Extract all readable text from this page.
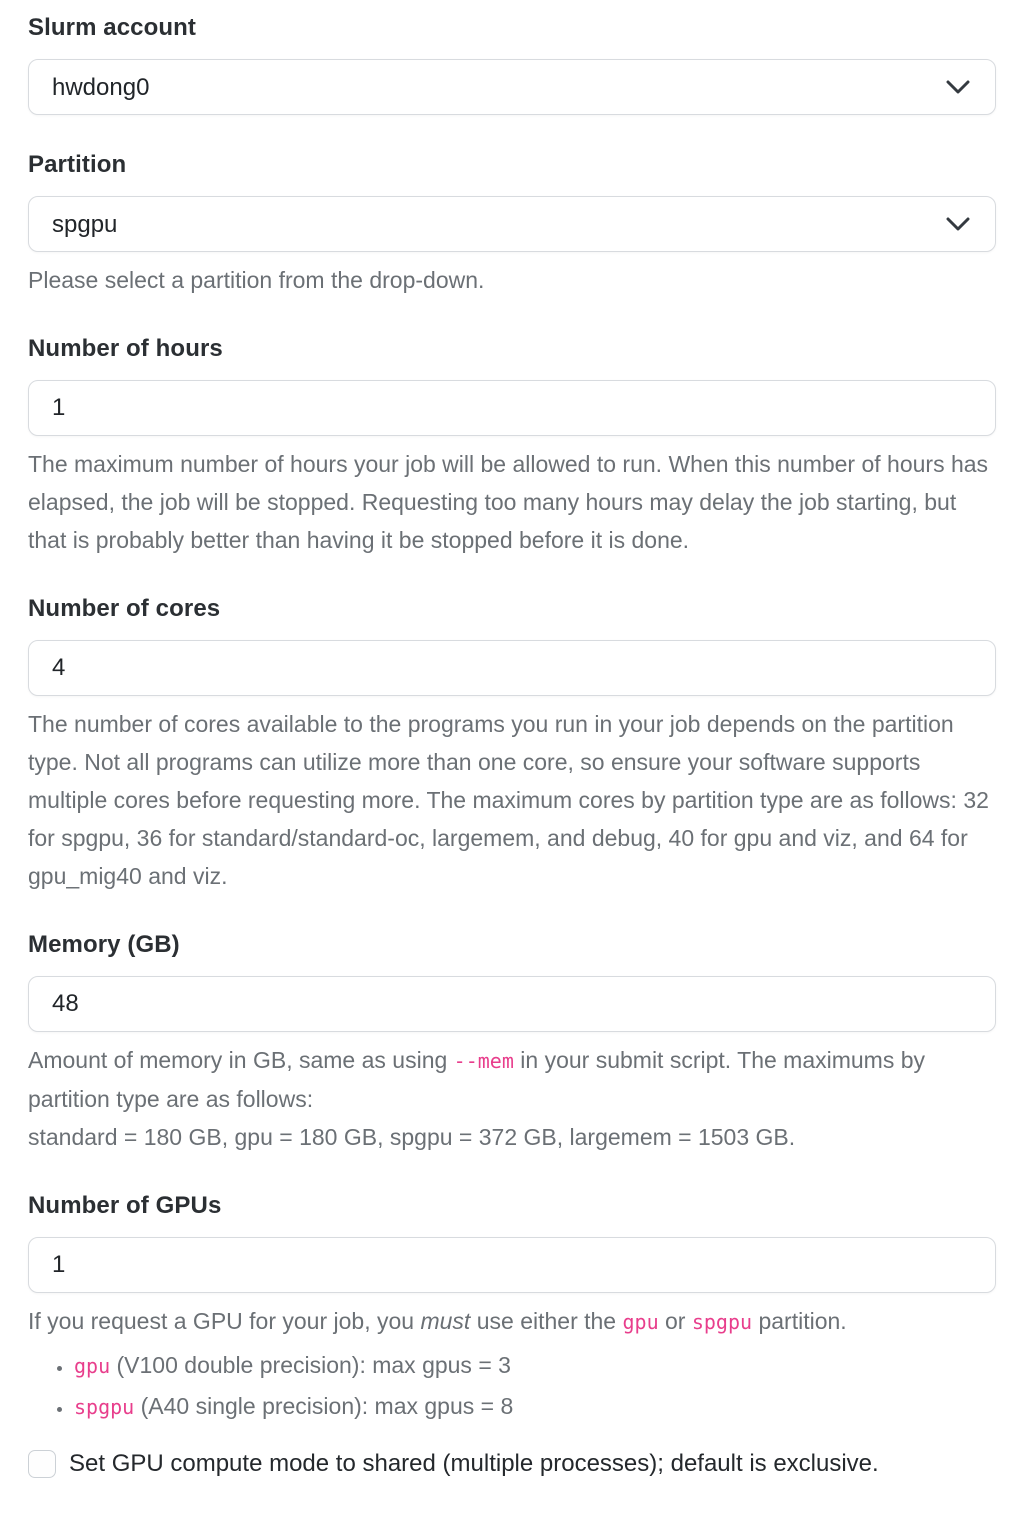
Slurm account
hwdong0
Partition
spgpu
Please select a partition from the drop-down.
Number of hours
1
The maximum number of hours your job will be allowed to run. When this number of hours has elapsed, the job will be stopped. Requesting too many hours may delay the job starting, but that is probably better than having it be stopped before it is done.
Number of cores
4
The number of cores available to the programs you run in your job depends on the partition type. Not all programs can utilize more than one core, so ensure your software supports multiple cores before requesting more. The maximum cores by partition type are as follows: 32 for spgpu, 36 for standard/standard-oc, largemem, and debug, 40 for gpu and viz, and 64 for gpu_mig40 and viz.
Memory (GB)
48
Amount of memory in GB, same as using --mem in your submit script. The maximums by partition type are as follows:
standard = 180 GB, gpu = 180 GB, spgpu = 372 GB, largemem = 1503 GB.
Number of GPUs
1
If you request a GPU for your job, you must use either the gpu or spgpu partition.
• gpu (V100 double precision): max gpus = 3
• spgpu (A40 single precision): max gpus = 8
Set GPU compute mode to shared (multiple processes); default is exclusive.
